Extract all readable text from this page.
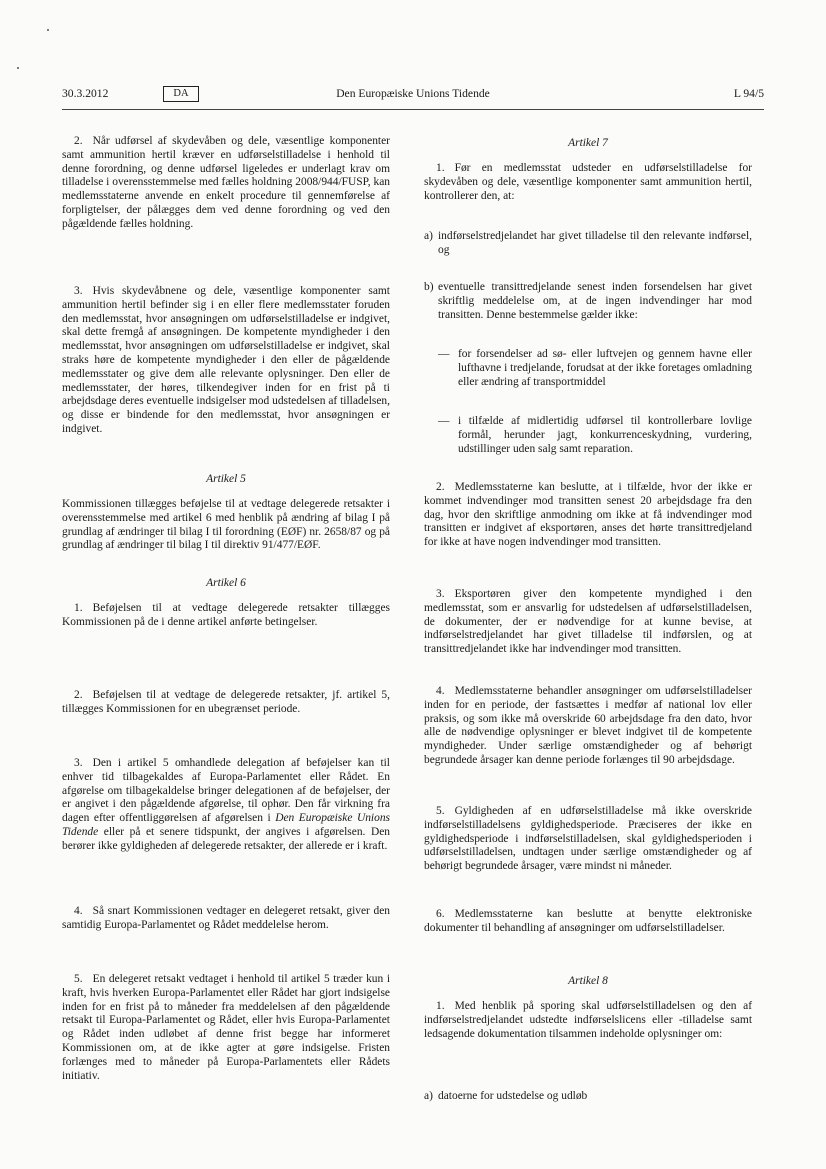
30.3.2012	DA	Den Europæiske Unions Tidende	L 94/5

2. Når udførsel af skydevåben og dele, væsentlige komponenter samt ammunition hertil kræver en udførselstilladelse i henhold til denne forordning, og denne udførsel ligeledes er underlagt krav om tilladelse i overensstemmelse med fælles holdning 2008/944/FUSP, kan medlemsstaterne anvende en enkelt procedure til gennemførelse af forpligtelser, der pålægges dem ved denne forordning og ved den pågældende fælles holdning.

3. Hvis skydevåbnene og dele, væsentlige komponenter samt ammunition hertil befinder sig i en eller flere medlemsstater foruden den medlemsstat, hvor ansøgningen om udførselstilladelse er indgivet, skal dette fremgå af ansøgningen. De kompetente myndigheder i den medlemsstat, hvor ansøgningen om udførselstilladelse er indgivet, skal straks høre de kompetente myndigheder i den eller de pågældende medlemsstater og give dem alle relevante oplysninger. Den eller de medlemsstater, der høres, tilkendegiver inden for en frist på ti arbejdsdage deres eventuelle indsigelser mod udstedelsen af tilladelsen, og disse er bindende for den medlemsstat, hvor ansøgningen er indgivet.

Artikel 5

Kommissionen tillægges beføjelse til at vedtage delegerede retsakter i overensstemmelse med artikel 6 med henblik på ændring af bilag I på grundlag af ændringer til bilag I til forordning (EØF) nr. 2658/87 og på grundlag af ændringer til bilag I til direktiv 91/477/EØF.

Artikel 6

1. Beføjelsen til at vedtage delegerede retsakter tillægges Kommissionen på de i denne artikel anførte betingelser.

2. Beføjelsen til at vedtage de delegerede retsakter, jf. artikel 5, tillægges Kommissionen for en ubegrænset periode.

3. Den i artikel 5 omhandlede delegation af beføjelser kan til enhver tid tilbagekaldes af Europa-Parlamentet eller Rådet. En afgørelse om tilbagekaldelse bringer delegationen af de beføjelser, der er angivet i den pågældende afgørelse, til ophør. Den får virkning fra dagen efter offentliggørelsen af afgørelsen i Den Europæiske Unions Tidende eller på et senere tidspunkt, der angives i afgørelsen. Den berører ikke gyldigheden af delegerede retsakter, der allerede er i kraft.

4. Så snart Kommissionen vedtager en delegeret retsakt, giver den samtidig Europa-Parlamentet og Rådet meddelelse herom.

5. En delegeret retsakt vedtaget i henhold til artikel 5 træder kun i kraft, hvis hverken Europa-Parlamentet eller Rådet har gjort indsigelse inden for en frist på to måneder fra meddelelsen af den pågældende retsakt til Europa-Parlamentet og Rådet, eller hvis Europa-Parlamentet og Rådet inden udløbet af denne frist begge har informeret Kommissionen om, at de ikke agter at gøre indsigelse. Fristen forlænges med to måneder på Europa-Parlamentets eller Rådets initiativ.

Artikel 7

1. Før en medlemsstat udsteder en udførselstilladelse for skydevåben og dele, væsentlige komponenter samt ammunition hertil, kontrollerer den, at:

a) indførselstredjelandet har givet tilladelse til den relevante indførsel, og

b) eventuelle transittredjelande senest inden forsendelsen har givet skriftlig meddelelse om, at de ingen indvendinger har mod transitten. Denne bestemmelse gælder ikke:

— for forsendelser ad sø- eller luftvejen og gennem havne eller lufthavne i tredjelande, forudsat at der ikke foretages omladning eller ændring af transportmiddel

— i tilfælde af midlertidig udførsel til kontrollerbare lovlige formål, herunder jagt, konkurrenceskydning, vurdering, udstillinger uden salg samt reparation.

2. Medlemsstaterne kan beslutte, at i tilfælde, hvor der ikke er kommet indvendinger mod transitten senest 20 arbejdsdage fra den dag, hvor den skriftlige anmodning om ikke at få indvendinger mod transitten er indgivet af eksportøren, anses det hørte transittredjeland for ikke at have nogen indvendinger mod transitten.

3. Eksportøren giver den kompetente myndighed i den medlemsstat, som er ansvarlig for udstedelsen af udførselstilladelsen, de dokumenter, der er nødvendige for at kunne bevise, at indførselstredjelandet har givet tilladelse til indførslen, og at transittredjelandet ikke har indvendinger mod transitten.

4. Medlemsstaterne behandler ansøgninger om udførselstilladelser inden for en periode, der fastsættes i medfør af national lov eller praksis, og som ikke må overskride 60 arbejdsdage fra den dato, hvor alle de nødvendige oplysninger er blevet indgivet til de kompetente myndigheder. Under særlige omstændigheder og af behørigt begrundede årsager kan denne periode forlænges til 90 arbejdsdage.

5. Gyldigheden af en udførselstilladelse må ikke overskride indførselstilladelsens gyldighedsperiode. Præciseres der ikke en gyldighedsperiode i indførselstilladelsen, skal gyldighedsperioden i udførselstilladelsen, undtagen under særlige omstændigheder og af behørigt begrundede årsager, være mindst ni måneder.

6. Medlemsstaterne kan beslutte at benytte elektroniske dokumenter til behandling af ansøgninger om udførselstilladelser.

Artikel 8

1. Med henblik på sporing skal udførselstilladelsen og den af indførselstredjelandet udstedte indførselslicens eller -tilladelse samt ledsagende dokumentation tilsammen indeholde oplysninger om:

a) datoerne for udstedelse og udløb
